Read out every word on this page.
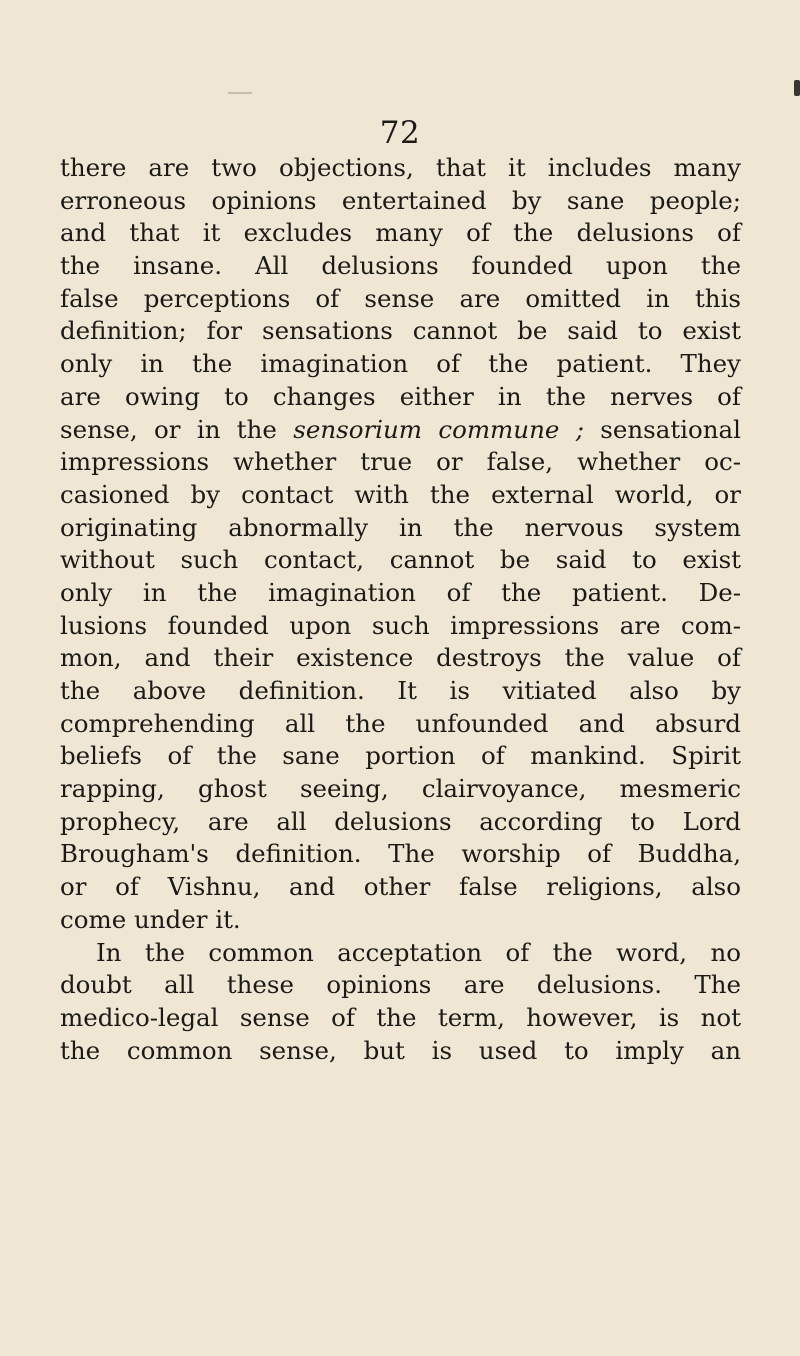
72
there are two objections, that it includes many
erroneous opinions entertained by sane people;
and that it excludes many of the delusions of
the insane. All delusions founded upon the
false perceptions of sense are omitted in this
definition; for sensations cannot be said to exist
only in the imagination of the patient. They
are owing to changes either in the nerves of
sense, or in the sensorium commune ; sensational
impressions whether true or false, whether oc-
casioned by contact with the external world, or
originating abnormally in the nervous system
without such contact, cannot be said to exist
only in the imagination of the patient. De-
lusions founded upon such impressions are com-
mon, and their existence destroys the value of
the above definition. It is vitiated also by
comprehending all the unfounded and absurd
beliefs of the sane portion of mankind. Spirit
rapping, ghost seeing, clairvoyance, mesmeric
prophecy, are all delusions according to Lord
Brougham's definition. The worship of Buddha,
or of Vishnu, and other false religions, also
come under it.
In the common acceptation of the word, no
doubt all these opinions are delusions. The
medico-legal sense of the term, however, is not
the common sense, but is used to imply an
